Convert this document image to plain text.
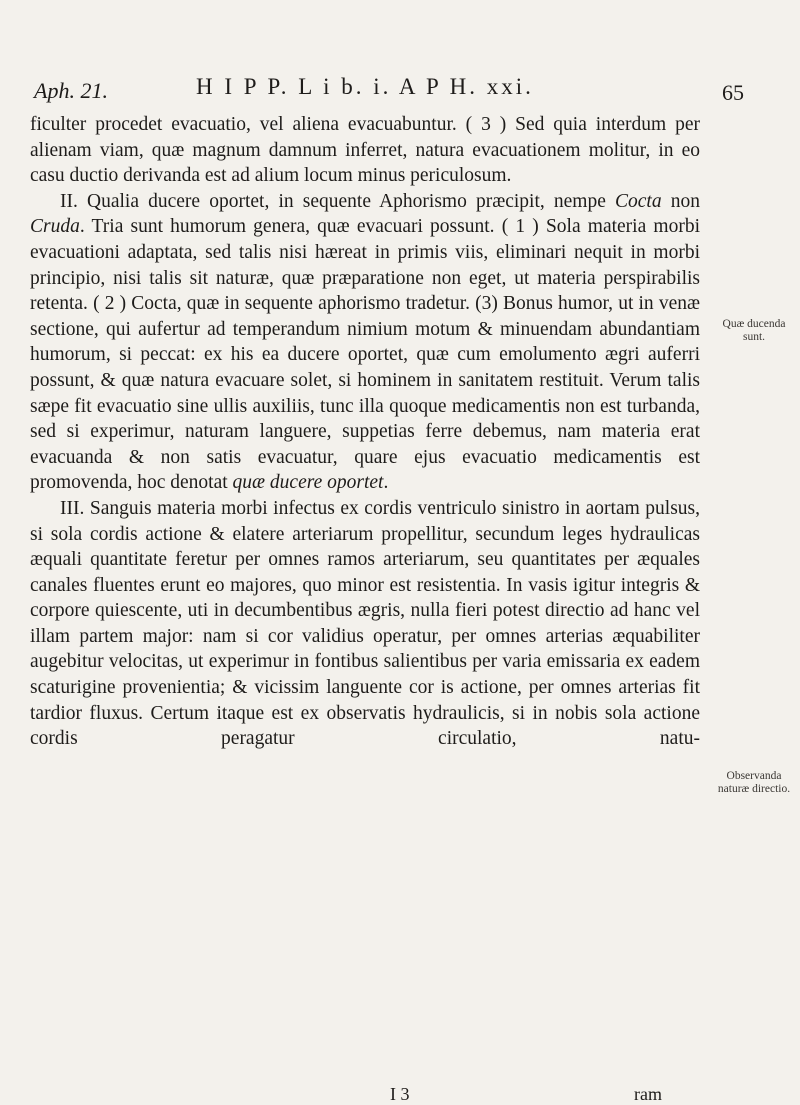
Aph. 21.	H I P P. L i b. i. A P H. xxi.	65

ficulter procedet evacuatio, vel aliena evacuabuntur. ( 3 ) Sed quia interdum per alienam viam, quæ magnum damnum inferret, natura evacuationem molitur, in eo casu ductio derivanda est ad alium locum minus periculosum.

II. Qualia ducere oportet, in sequente Aphorismo præcipit, nempe Cocta non Cruda. Tria sunt humorum genera, quæ evacuari possunt. ( 1 ) Sola materia morbi evacuationi adaptata, sed talis nisi hæreat in primis viis, eliminari nequit in morbi principio, nisi talis sit naturæ, quæ præparatione non eget, ut materia perspirabilis retenta. ( 2 ) Cocta, quæ in sequente aphorismo tradetur. (3) Bonus humor, ut in venæ sectione, qui aufertur ad temperandum nimium motum & minuendam abundantiam humorum, si peccat: ex his ea ducere oportet, quæ cum emolumento ægri auferri possunt, & quæ natura evacuare solet, si hominem in sanitatem restituit. Verum talis sæpe fit evacuatio sine ullis auxiliis, tunc illa quoque medicamentis non est turbanda, sed si experimur, naturam languere, suppetias ferre debemus, nam materia erat evacuanda & non satis evacuatur, quare ejus evacuatio medicamentis est promovenda, hoc denotat quæ ducere oportet.

III. Sanguis materia morbi infectus ex cordis ventriculo sinistro in aortam pulsus, si sola cordis actione & elatere arteriarum propellitur, secundum leges hydraulicas æquali quantitate feretur per omnes ramos arteriarum, seu quantitates per æquales canales fluentes erunt eo majores, quo minor est resistentia. In vasis igitur integris & corpore quiescente, uti in decumbentibus ægris, nulla fieri potest directio ad hanc vel illam partem major: nam si cor validius operatur, per omnes arterias æquabiliter augebitur velocitas, ut experimur in fontibus salientibus per varia emissaria ex eadem scaturigine provenientia; & vicissim languente cor is actione, per omnes arterias fit tardior fluxus. Certum itaque est ex observatis hydraulicis, si in nobis sola actione cordis peragatur circulatio, natu-

Quæ ducenda sunt.
Observanda naturæ directio.
I 3	ram
